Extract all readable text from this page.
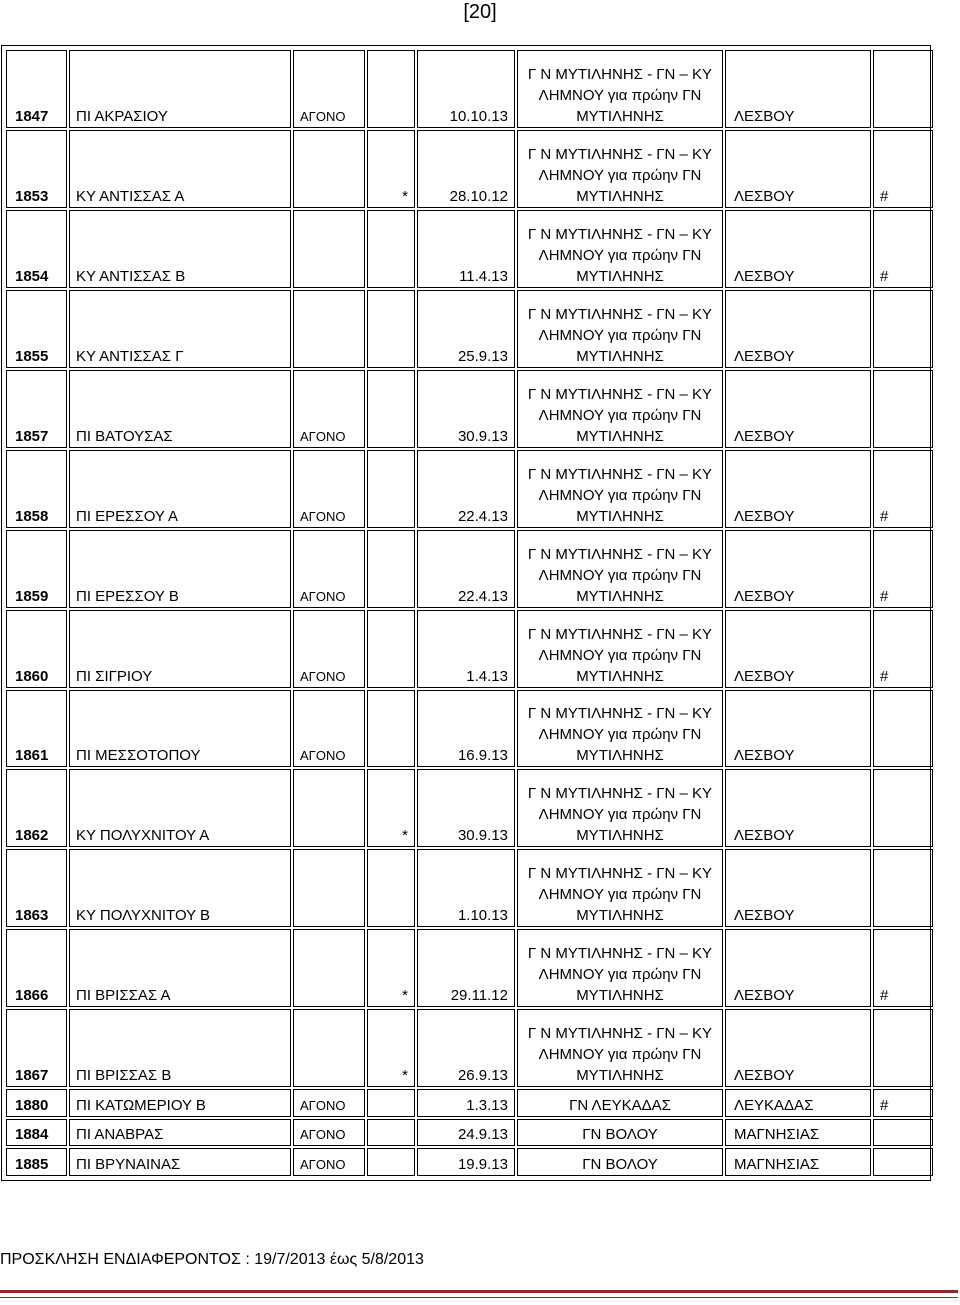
[20]
1847	ΠΙ ΑΚΡΑΣΙΟΥ	ΑΓΟΝΟ		10.10.13	Γ Ν ΜΥΤΙΛΗΝΗΣ - ΓΝ – ΚΥ
ΛΗΜΝΟΥ για πρώην ΓΝ
ΜΥΤΙΛΗΝΗΣ	ΛΕΣΒΟΥ	
1853	ΚΥ ΑΝΤΙΣΣΑΣ Α		*	28.10.12	Γ Ν ΜΥΤΙΛΗΝΗΣ - ΓΝ – ΚΥ
ΛΗΜΝΟΥ για πρώην ΓΝ
ΜΥΤΙΛΗΝΗΣ	ΛΕΣΒΟΥ	#
1854	ΚΥ ΑΝΤΙΣΣΑΣ Β			11.4.13	Γ Ν ΜΥΤΙΛΗΝΗΣ - ΓΝ – ΚΥ
ΛΗΜΝΟΥ για πρώην ΓΝ
ΜΥΤΙΛΗΝΗΣ	ΛΕΣΒΟΥ	#
1855	ΚΥ ΑΝΤΙΣΣΑΣ Γ			25.9.13	Γ Ν ΜΥΤΙΛΗΝΗΣ - ΓΝ – ΚΥ
ΛΗΜΝΟΥ για πρώην ΓΝ
ΜΥΤΙΛΗΝΗΣ	ΛΕΣΒΟΥ	
1857	ΠΙ ΒΑΤΟΥΣΑΣ	ΑΓΟΝΟ		30.9.13	Γ Ν ΜΥΤΙΛΗΝΗΣ - ΓΝ – ΚΥ
ΛΗΜΝΟΥ για πρώην ΓΝ
ΜΥΤΙΛΗΝΗΣ	ΛΕΣΒΟΥ	
1858	ΠΙ ΕΡΕΣΣΟΥ Α	ΑΓΟΝΟ		22.4.13	Γ Ν ΜΥΤΙΛΗΝΗΣ - ΓΝ – ΚΥ
ΛΗΜΝΟΥ για πρώην ΓΝ
ΜΥΤΙΛΗΝΗΣ	ΛΕΣΒΟΥ	#
1859	ΠΙ ΕΡΕΣΣΟΥ Β	ΑΓΟΝΟ		22.4.13	Γ Ν ΜΥΤΙΛΗΝΗΣ - ΓΝ – ΚΥ
ΛΗΜΝΟΥ για πρώην ΓΝ
ΜΥΤΙΛΗΝΗΣ	ΛΕΣΒΟΥ	#
1860	ΠΙ ΣΙΓΡΙΟΥ	ΑΓΟΝΟ		1.4.13	Γ Ν ΜΥΤΙΛΗΝΗΣ - ΓΝ – ΚΥ
ΛΗΜΝΟΥ για πρώην ΓΝ
ΜΥΤΙΛΗΝΗΣ	ΛΕΣΒΟΥ	#
1861	ΠΙ ΜΕΣΣΟΤΟΠΟΥ	ΑΓΟΝΟ		16.9.13	Γ Ν ΜΥΤΙΛΗΝΗΣ - ΓΝ – ΚΥ
ΛΗΜΝΟΥ για πρώην ΓΝ
ΜΥΤΙΛΗΝΗΣ	ΛΕΣΒΟΥ	
1862	ΚΥ ΠΟΛΥΧΝΙΤΟΥ Α		*	30.9.13	Γ Ν ΜΥΤΙΛΗΝΗΣ - ΓΝ – ΚΥ
ΛΗΜΝΟΥ για πρώην ΓΝ
ΜΥΤΙΛΗΝΗΣ	ΛΕΣΒΟΥ	
1863	ΚΥ ΠΟΛΥΧΝΙΤΟΥ Β			1.10.13	Γ Ν ΜΥΤΙΛΗΝΗΣ - ΓΝ – ΚΥ
ΛΗΜΝΟΥ για πρώην ΓΝ
ΜΥΤΙΛΗΝΗΣ	ΛΕΣΒΟΥ	
1866	ΠΙ ΒΡΙΣΣΑΣ Α		*	29.11.12	Γ Ν ΜΥΤΙΛΗΝΗΣ - ΓΝ – ΚΥ
ΛΗΜΝΟΥ για πρώην ΓΝ
ΜΥΤΙΛΗΝΗΣ	ΛΕΣΒΟΥ	#
1867	ΠΙ ΒΡΙΣΣΑΣ Β		*	26.9.13	Γ Ν ΜΥΤΙΛΗΝΗΣ - ΓΝ – ΚΥ
ΛΗΜΝΟΥ για πρώην ΓΝ
ΜΥΤΙΛΗΝΗΣ	ΛΕΣΒΟΥ	
1880	ΠΙ ΚΑΤΩΜΕΡΙΟΥ Β	ΑΓΟΝΟ		1.3.13	ΓΝ ΛΕΥΚΑΔΑΣ	ΛΕΥΚΑΔΑΣ	#
1884	ΠΙ ΑΝΑΒΡΑΣ	ΑΓΟΝΟ		24.9.13	ΓΝ ΒΟΛΟΥ	ΜΑΓΝΗΣΙΑΣ	
1885	ΠΙ ΒΡΥΝΑΙΝΑΣ	ΑΓΟΝΟ		19.9.13	ΓΝ ΒΟΛΟΥ	ΜΑΓΝΗΣΙΑΣ	
ΠΡΟΣΚΛΗΣΗ ΕΝΔΙΑΦΕΡΟΝΤΟΣ : 19/7/2013 έως 5/8/2013
